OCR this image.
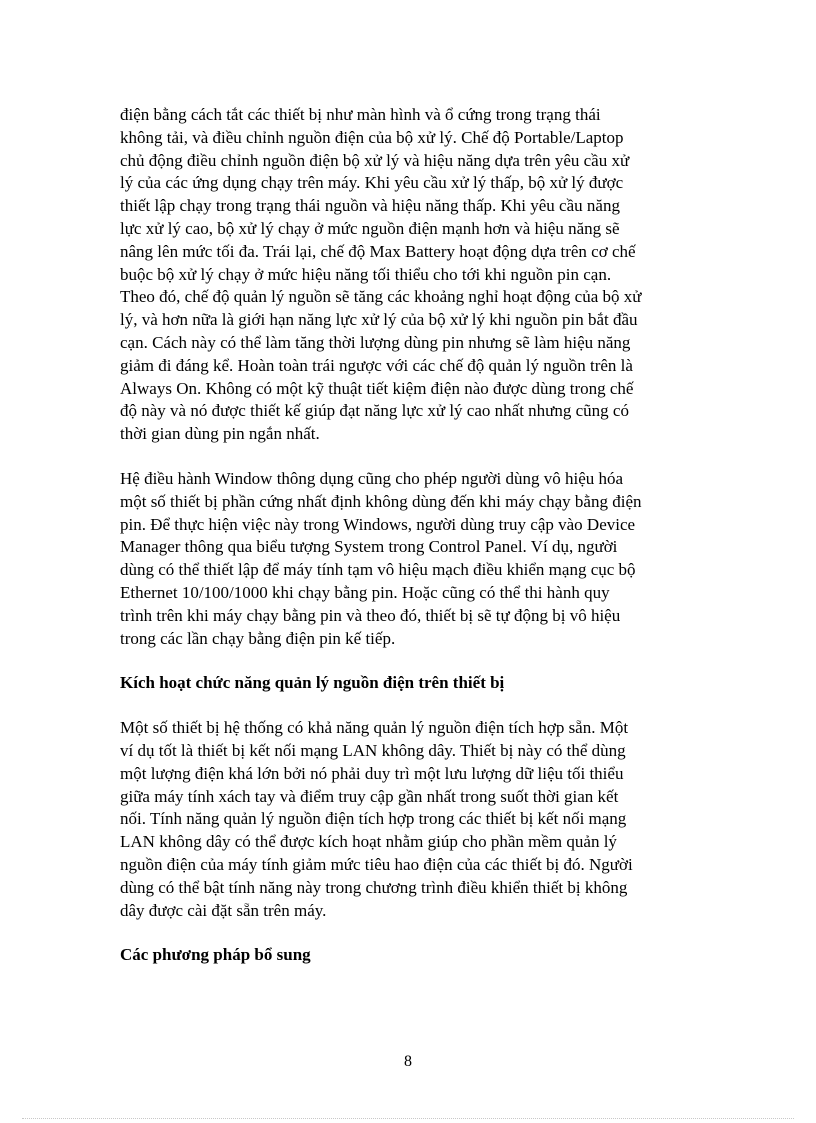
điện bằng cách tắt các thiết bị như màn hình và ổ cứng trong trạng thái
không tải, và điều chỉnh nguồn điện của bộ xử lý. Chế độ Portable/Laptop
chủ động điều chỉnh nguồn điện bộ xử lý và hiệu năng dựa trên yêu cầu xử
lý của các ứng dụng chạy trên máy. Khi yêu cầu xử lý thấp, bộ xử lý được
thiết lập chạy trong trạng thái nguồn và hiệu năng thấp. Khi yêu cầu năng
lực xử lý cao, bộ xử lý chạy ở mức nguồn điện mạnh hơn và hiệu năng sẽ
nâng lên mức tối đa. Trái lại, chế độ Max Battery hoạt động dựa trên cơ chế
buộc bộ xử lý chạy ở mức hiệu năng tối thiểu cho tới khi nguồn pin cạn.
Theo đó, chế độ quản lý nguồn sẽ tăng các khoảng nghỉ hoạt động của bộ xử
lý, và hơn nữa là giới hạn năng lực xử lý của bộ xử lý khi nguồn pin bắt đầu
cạn. Cách này có thể làm tăng thời lượng dùng pin nhưng sẽ làm hiệu năng
giảm đi đáng kể. Hoàn toàn trái ngược với các chế độ quản lý nguồn trên là
Always On. Không có một kỹ thuật tiết kiệm điện nào được dùng trong chế
độ này và nó được thiết kế giúp đạt năng lực xử lý cao nhất nhưng cũng có
thời gian dùng pin ngắn nhất.

Hệ điều hành Window thông dụng cũng cho phép người dùng vô hiệu hóa
một số thiết bị phần cứng nhất định không dùng đến khi máy chạy bằng điện
pin. Để thực hiện việc này trong Windows, người dùng truy cập vào Device
Manager thông qua biểu tượng System trong Control Panel. Ví dụ, người
dùng có thể thiết lập để máy tính tạm vô hiệu mạch điều khiển mạng cục bộ
Ethernet 10/100/1000 khi chạy bằng pin. Hoặc cũng có thể thi hành quy
trình trên khi máy chạy bằng pin và theo đó, thiết bị sẽ tự động bị vô hiệu
trong các lần chạy bằng điện pin kế tiếp.

Kích hoạt chức năng quản lý nguồn điện trên thiết bị

Một số thiết bị hệ thống có khả năng quản lý nguồn điện tích hợp sẵn. Một
ví dụ tốt là thiết bị kết nối mạng LAN không dây. Thiết bị này có thể dùng
một lượng điện khá lớn bởi nó phải duy trì một lưu lượng dữ liệu tối thiểu
giữa máy tính xách tay và điểm truy cập gần nhất trong suốt thời gian kết
nối. Tính năng quản lý nguồn điện tích hợp trong các thiết bị kết nối mạng
LAN không dây có thể được kích hoạt nhằm giúp cho phần mềm quản lý
nguồn điện của máy tính giảm mức tiêu hao điện của các thiết bị đó. Người
dùng có thể bật tính năng này trong chương trình điều khiển thiết bị không
dây được cài đặt sẵn trên máy.

Các phương pháp bổ sung
8
